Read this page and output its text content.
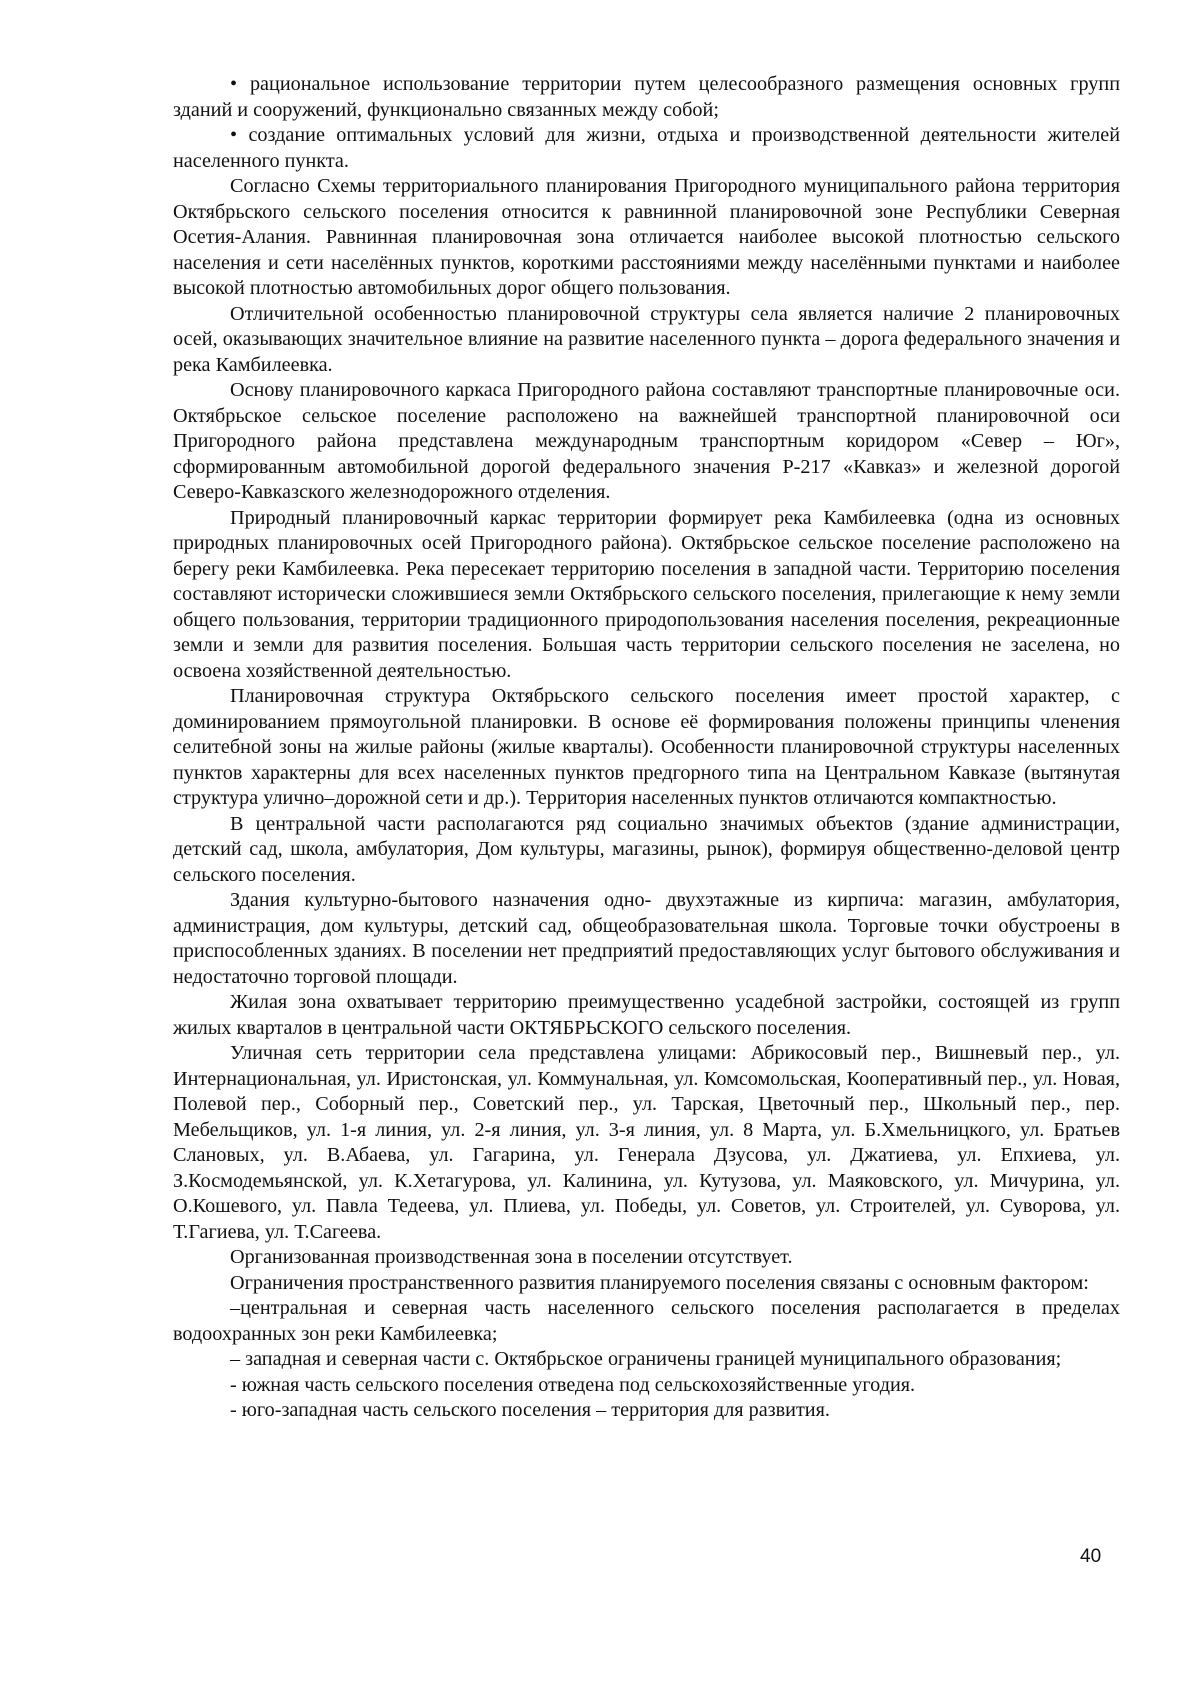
• рациональное использование территории путем целесообразного размещения основных групп зданий и сооружений, функционально связанных между собой;

• создание оптимальных условий для жизни, отдыха и производственной деятельности жителей населенного пункта.

Согласно Схемы территориального планирования Пригородного муниципального района территория Октябрьского сельского поселения относится к равнинной планировочной зоне Республики Северная Осетия-Алания. Равнинная планировочная зона отличается наиболее высокой плотностью сельского населения и сети населённых пунктов, короткими расстояниями между населёнными пунктами и наиболее высокой плотностью автомобильных дорог общего пользования.

Отличительной особенностью планировочной структуры села является наличие 2 планировочных осей, оказывающих значительное влияние на развитие населенного пункта – дорога федерального значения и река Камбилеевка.

Основу планировочного каркаса Пригородного района составляют транспортные планировочные оси. Октябрьское сельское поселение расположено на важнейшей транспортной планировочной оси Пригородного района представлена международным транспортным коридором «Север – Юг», сформированным автомобильной дорогой федерального значения Р-217 «Кавказ» и железной дорогой Северо-Кавказского железнодорожного отделения.

Природный планировочный каркас территории формирует река Камбилеевка (одна из основных природных планировочных осей Пригородного района). Октябрьское сельское поселение расположено на берегу реки Камбилеевка. Река пересекает территорию поселения в западной части. Территорию поселения составляют исторически сложившиеся земли Октябрьского сельского поселения, прилегающие к нему земли общего пользования, территории традиционного природопользования населения поселения, рекреационные земли и земли для развития поселения. Большая часть территории сельского поселения не заселена, но освоена хозяйственной деятельностью.

Планировочная структура Октябрьского сельского поселения имеет простой характер, с доминированием прямоугольной планировки. В основе её формирования положены принципы членения селитебной зоны на жилые районы (жилые кварталы). Особенности планировочной структуры населенных пунктов характерны для всех населенных пунктов предгорного типа на Центральном Кавказе (вытянутая структура улично–дорожной сети и др.). Территория населенных пунктов отличаются компактностью.

В центральной части располагаются ряд социально значимых объектов (здание администрации, детский сад, школа, амбулатория, Дом культуры, магазины, рынок), формируя общественно-деловой центр сельского поселения.

Здания культурно-бытового назначения одно- двухэтажные из кирпича: магазин, амбулатория, администрация, дом культуры, детский сад, общеобразовательная школа. Торговые точки обустроены в приспособленных зданиях. В поселении нет предприятий предоставляющих услуг бытового обслуживания и недостаточно торговой площади.

Жилая зона охватывает территорию преимущественно усадебной застройки, состоящей из групп жилых кварталов в центральной части ОКТЯБРЬСКОГО сельского поселения.

Уличная сеть территории села представлена улицами: Абрикосовый пер., Вишневый пер., ул. Интернациональная, ул. Иристонская, ул. Коммунальная, ул. Комсомольская, Кооперативный пер., ул. Новая, Полевой пер., Соборный пер., Советский пер., ул. Тарская, Цветочный пер., Школьный пер., пер. Мебельщиков, ул. 1-я линия, ул. 2-я линия, ул. 3-я линия, ул. 8 Марта, ул. Б.Хмельницкого, ул. Братьев Слановых, ул. В.Абаева, ул. Гагарина, ул. Генерала Дзусова, ул. Джатиева, ул. Епхиева, ул. З.Космодемьянской, ул. К.Хетагурова, ул. Калинина, ул. Кутузова, ул. Маяковского, ул. Мичурина, ул. О.Кошевого, ул. Павла Тедеева, ул. Плиева, ул. Победы, ул. Советов, ул. Строителей, ул. Суворова, ул. Т.Гагиева, ул. Т.Сагеева.

Организованная производственная зона в поселении отсутствует.

Ограничения пространственного развития планируемого поселения связаны с основным фактором:

–центральная и северная часть населенного сельского поселения располагается в пределах водоохранных зон реки Камбилеевка;

– западная и северная части с. Октябрьское ограничены границей муниципального образования;

- южная часть сельского поселения отведена под сельскохозяйственные угодия.

- юго-западная часть сельского поселения – территория для развития.

40
